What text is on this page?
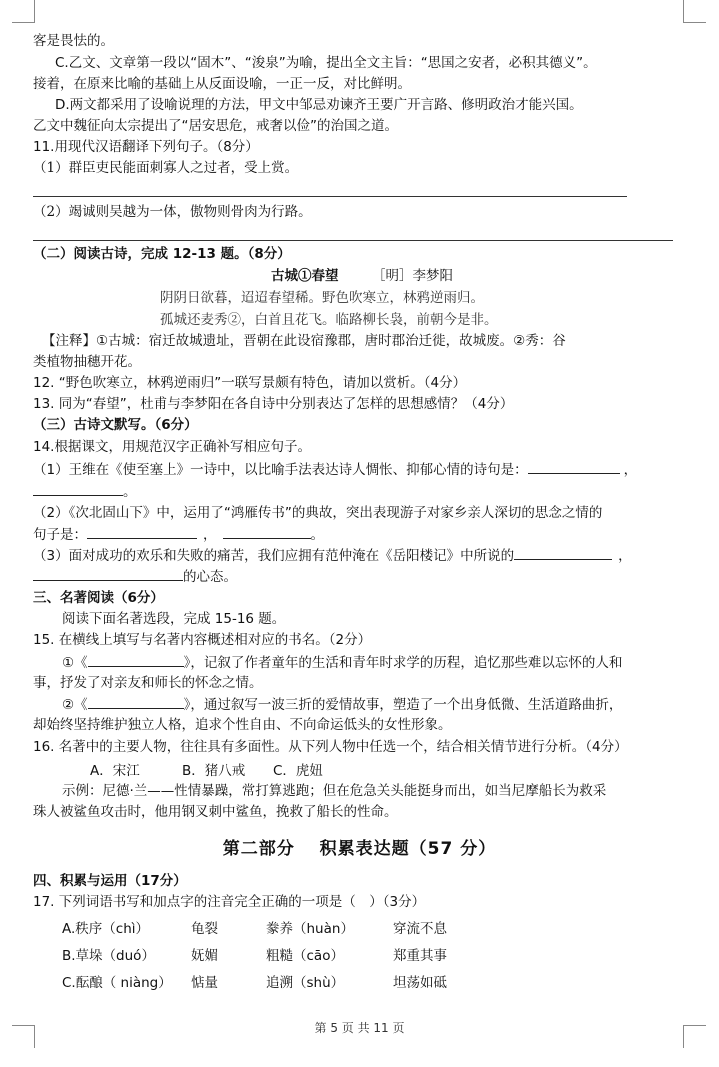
客是畏怯的。
C.乙文、文章第一段以“固木”、“浚泉”为喻，提出全文主旨：“思国之安者，必积其德义”。
接着，在原来比喻的基础上从反面设喻，一正一反，对比鲜明。
D.两文都采用了设喻说理的方法，甲文中邹忌劝谏齐王要广开言路、修明政治才能兴国。
乙文中魏征向太宗提出了“居安思危，戒奢以俭”的治国之道。
11.用现代汉语翻译下列句子。（8分）
（1）群臣吏民能面刺寡人之过者，受上赏。
（2）竭诚则吴越为一体，傲物则骨肉为行路。
（二）阅读古诗，完成 12-13 题。（8分）
古城①春望 ［明］李梦阳
阴阴日欲暮，迢迢春望稀。野色吹寒立，林鸦逆雨归。
孤城还麦秀②，白首且花飞。临路柳长袅，前朝今是非。
【注释】①古城：宿迁故城遗址，晋朝在此设宿豫郡，唐时郡治迁徙，故城废。②秀：谷
类植物抽穗开花。
12. “野色吹寒立，林鸦逆雨归”一联写景颇有特色，请加以赏析。（4分）
13. 同为“春望”，杜甫与李梦阳在各自诗中分别表达了怎样的思想感情？（4分）
（三）古诗文默写。（6分）
14.根据课文，用规范汉字正确补写相应句子。
（1）王维在《使至塞上》一诗中，以比喻手法表达诗人惆怅、抑郁心情的诗句是：	，
。
（2）《次北固山下》中，运用了“鸿雁传书”的典故，突出表现游子对家乡亲人深切的思念之情的
句子是：	，	。
（3）面对成功的欢乐和失败的痛苦，我们应拥有范仲淹在《岳阳楼记》中所说的	，
的心态。
三、名著阅读（6分）
阅读下面名著选段，完成 15-16 题。
15. 在横线上填写与名著内容概述相对应的书名。（2分）
①《	》，记叙了作者童年的生活和青年时求学的历程，追忆那些难以忘怀的人和
事，抒发了对亲友和师长的怀念之情。
②《	》，通过叙写一波三折的爱情故事，塑造了一个出身低微、生活道路曲折，
却始终坚持维护独立人格，追求个性自由、不向命运低头的女性形象。
16. 名著中的主要人物，往往具有多面性。从下列人物中任选一个，结合相关情节进行分析。（4分）
A．宋江	B．猪八戒 C．虎妞
示例：尼德·兰——性情暴躁，常打算逃跑；但在危急关头能挺身而出，如当尼摩船长为救采
珠人被鲨鱼攻击时，他用钢叉刺中鲨鱼，挽救了船长的性命。
第二部分　 积累表达题（57 分）
四、积累与运用（17分）
17. 下列词语书写和加点字的注音完全正确的一项是（　）（3分）
A.秩序（chì）	龟裂	豢养（huàn）	穿流不息
B.草垛（duó）	妩媚	粗糙（cāo）	郑重其事
C.酝酿（ niàng） 惦量	追溯（shù）	坦荡如砥
第 5 页 共 11 页
